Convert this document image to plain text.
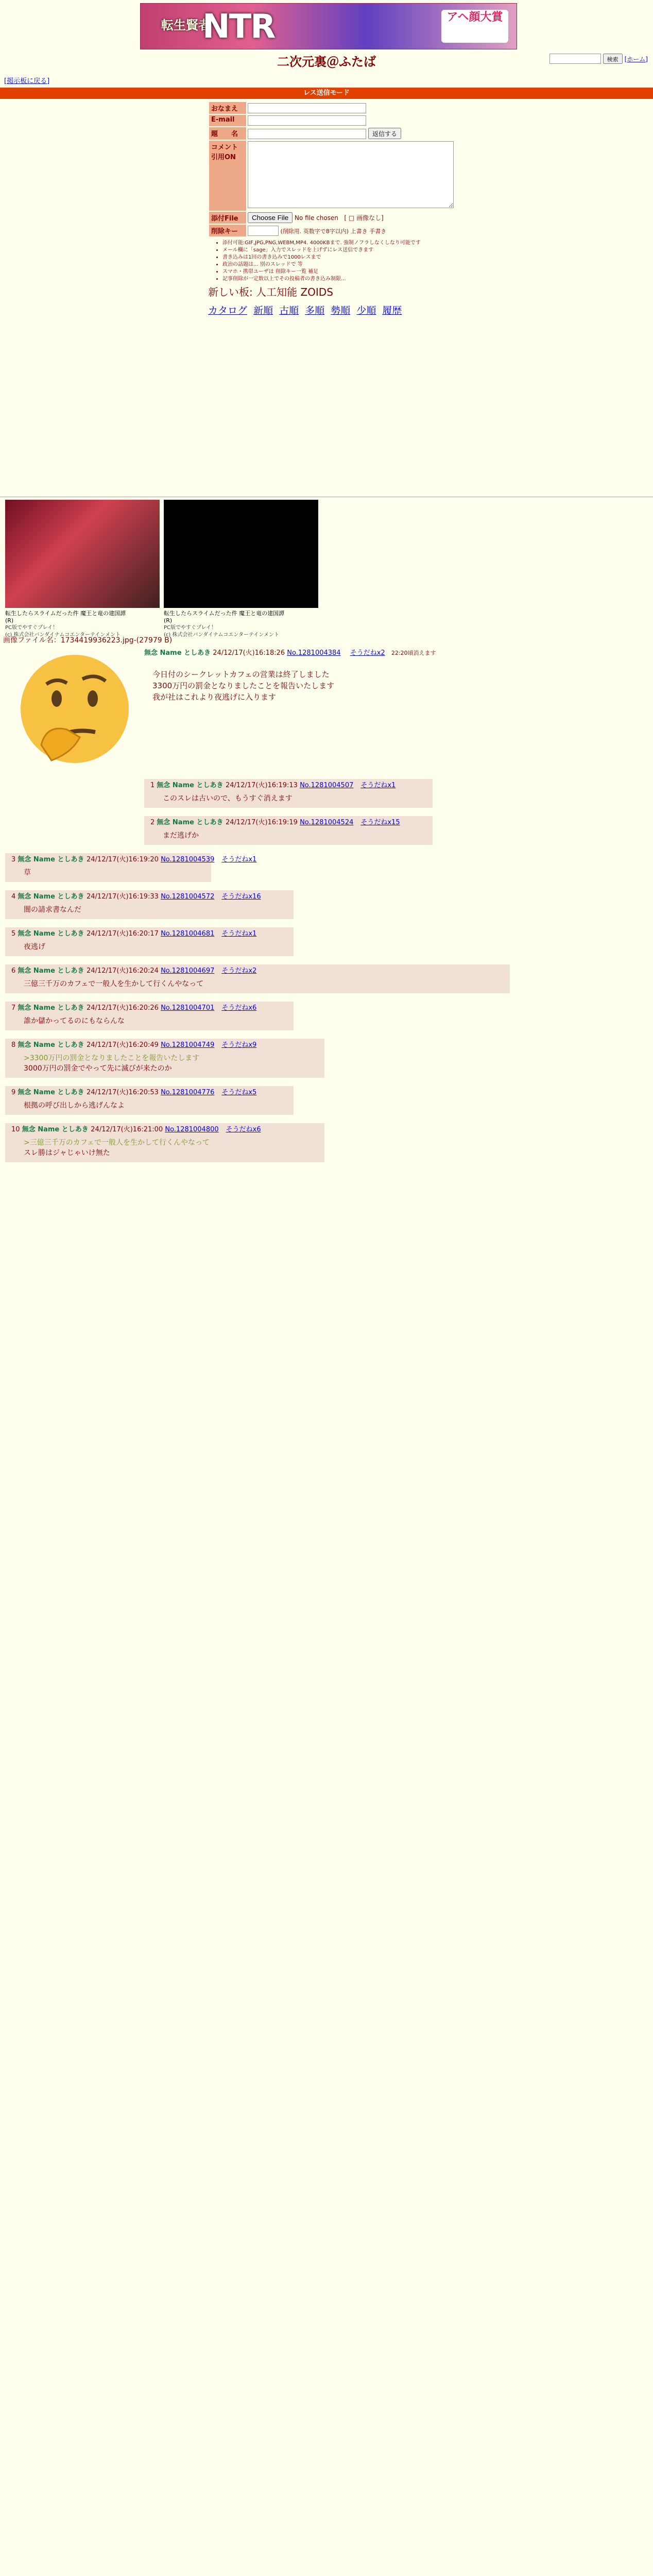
転生賢者
NTR	アヘ顔大賞
二次元裏＠ふたば	検索	[ホーム]
[掲示板に戻る]
レス送信モード
おなまえ	
E-mail	
題　　名	返信する
コメント
引用ON	
添付File	Choose File No file chosen [ □ 画像なし]
削除キー	(削除用. 英数字で8字以内) 上書き 手書き
• 添付可能:GIF,JPG,PNG,WEBM,MP4. 4000KBまで. 強制ノフラしなくしなり可能です
• メール欄に「sage」入力でスレッドを上げずにレス送信できます
• 書き込みは1回の書き込みで1000レスまで
• 政治の話題は... 別のスレッドで 等
• スマホ・携帯ユーザは 削除キー一覧 補足
• 記事削除が一定数以上でその投稿者の書き込み制限...
新しい板: 人工知能 ZOIDS
カタログ 新順 古順 多順 勢順 少順 履歴
転生したらスライムだった件 魔王と竜の建国譚
(R)
PC版でやすぐプレイ！
(c) 株式会社バンダイナムコエンターテインメント
転生したらスライムだった件 魔王と竜の建国譚
(R)
PC版でやすぐプレイ！
(c) 株式会社バンダイナムコエンターテインメント
画像ファイル名：1734419936223.jpg-(27979 B)
無念 Name としあき 24/12/17(火)16:18:26 No.1281004384 そうだねx2 22:20頃消えます
今日付のシークレットカフェの営業は終了しました
3300万円の罰金となりましたことを報告いたします
我が社はこれより夜逃げに入ります
1 無念 Name としあき 24/12/17(火)16:19:13 No.1281004507 そうだねx1
このスレは古いので、もうすぐ消えます
2 無念 Name としあき 24/12/17(火)16:19:19 No.1281004524 そうだねx15
まだ逃げか
3 無念 Name としあき 24/12/17(火)16:19:20 No.1281004539 そうだねx1
草
4 無念 Name としあき 24/12/17(火)16:19:33 No.1281004572 そうだねx16
闇の請求書なんだ
5 無念 Name としあき 24/12/17(火)16:20:17 No.1281004681 そうだねx1
夜逃げ
6 無念 Name としあき 24/12/17(火)16:20:24 No.1281004697 そうだねx2
三億三千万のカフェで一般人を生かして行くんやなって
7 無念 Name としあき 24/12/17(火)16:20:26 No.1281004701 そうだねx6
誰か儲かってるのにもならんな
8 無念 Name としあき 24/12/17(火)16:20:49 No.1281004749 そうだねx9
>3300万円の罰金となりましたことを報告いたします
3000万円の罰金でやって先に滅びが来たのか
9 無念 Name としあき 24/12/17(火)16:20:53 No.1281004776 そうだねx5
根拠の呼び出しから逃げんなよ
10 無念 Name としあき 24/12/17(火)16:21:00 No.1281004800 そうだねx6
>三億三千万のカフェで一般人を生かして行くんやなって
スレ勝はジャじゃいけ無た
